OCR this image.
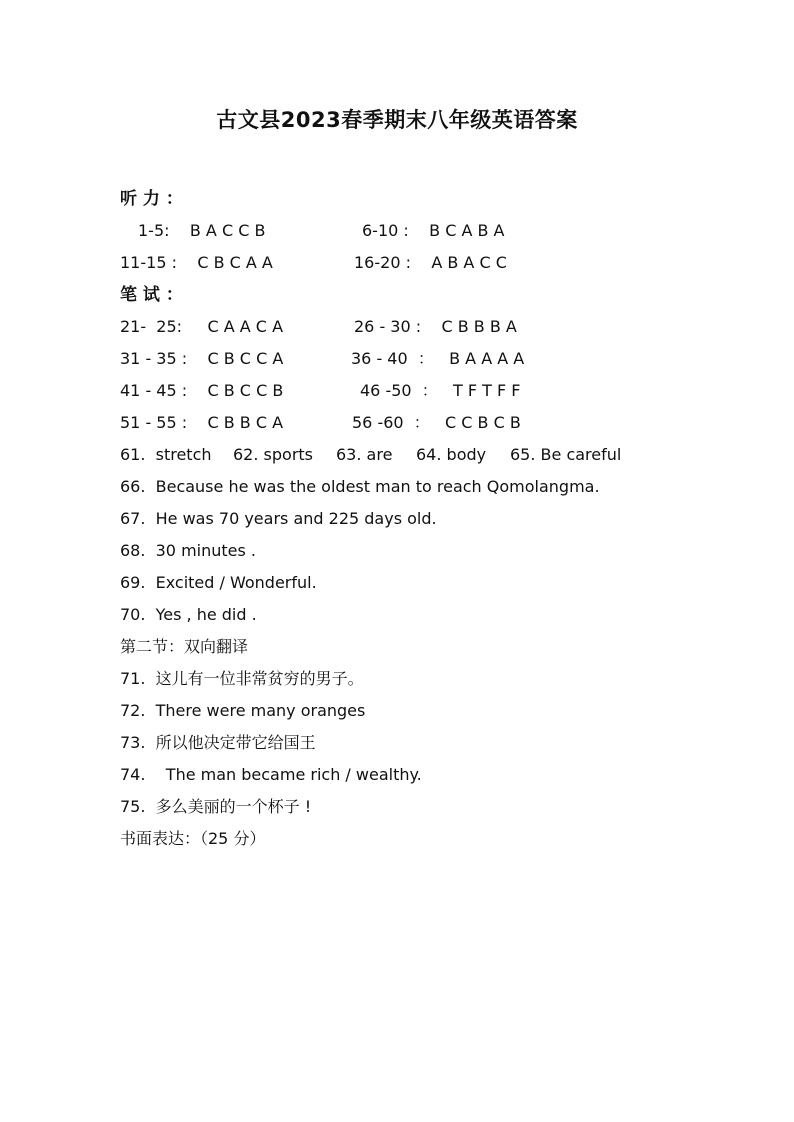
古文县2023春季期末八年级英语答案
听 力 ：
1-5:    B A C C B	6-10 :    B C A B A
11-15 :    C B C A A	16-20 :    A B A C C
笔 试 ：
21-  25:     C A A C A	26 - 30 :    C B B B A
31 - 35 :    C B C C A	36 - 40  ：   B A A A A
41 - 45 :    C B C C B	46 -50  ：   T F T F F
51 - 55 :    C B B C A	56 -60  ：   C C B C B
61.  stretch 62. sports 63. are 64. body 65. Be careful
66.  Because he was the oldest man to reach Qomolangma.
67.  He was 70 years and 225 days old.
68.  30 minutes .
69.  Excited / Wonderful.
70.  Yes , he did .
第二节：双向翻译
71.  这儿有一位非常贫穷的男子。
72.  There were many oranges
73.  所以他决定带它给国王
74.    The man became rich / wealthy.
75.  多么美丽的一个杯子 !
书面表达：（25 分）
